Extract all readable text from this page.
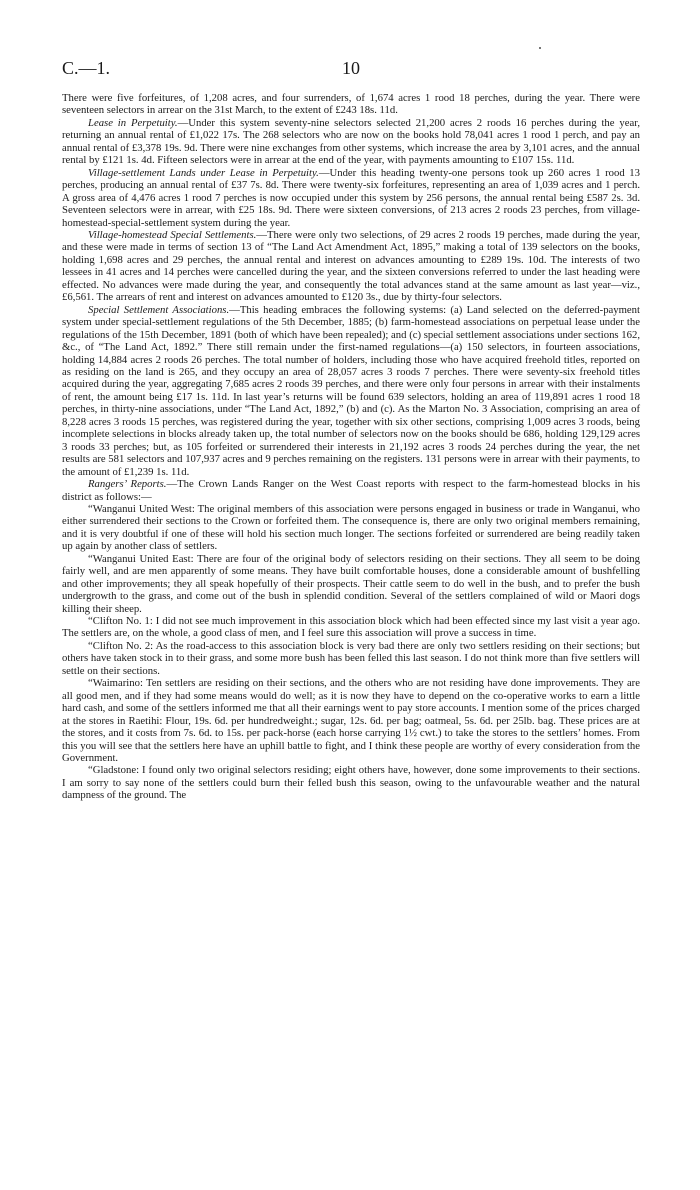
C.—1.	10

There were five forfeitures, of 1,208 acres, and four surrenders, of 1,674 acres 1 rood 18 perches, during the year. There were seventeen selectors in arrear on the 31st March, to the extent of £243 18s. 11d.

Lease in Perpetuity.—Under this system seventy-nine selectors selected 21,200 acres 2 roods 16 perches during the year, returning an annual rental of £1,022 17s. The 268 selectors who are now on the books hold 78,041 acres 1 rood 1 perch, and pay an annual rental of £3,378 19s. 9d. There were nine exchanges from other systems, which increase the area by 3,101 acres, and the annual rental by £121 1s. 4d. Fifteen selectors were in arrear at the end of the year, with payments amounting to £107 15s. 11d.

Village-settlement Lands under Lease in Perpetuity.—Under this heading twenty-one persons took up 260 acres 1 rood 13 perches, producing an annual rental of £37 7s. 8d. There were twenty-six forfeitures, representing an area of 1,039 acres and 1 perch. A gross area of 4,476 acres 1 rood 7 perches is now occupied under this system by 256 persons, the annual rental being £587 2s. 3d. Seventeen selectors were in arrear, with £25 18s. 9d. There were sixteen conversions, of 213 acres 2 roods 23 perches, from village-homestead-special-settlement system during the year.

Village-homestead Special Settlements.—There were only two selections, of 29 acres 2 roods 19 perches, made during the year, and these were made in terms of section 13 of “The Land Act Amendment Act, 1895,” making a total of 139 selectors on the books, holding 1,698 acres and 29 perches, the annual rental and interest on advances amounting to £289 19s. 10d. The interests of two lessees in 41 acres and 14 perches were cancelled during the year, and the sixteen conversions referred to under the last heading were effected. No advances were made during the year, and consequently the total advances stand at the same amount as last year—viz., £6,561. The arrears of rent and interest on advances amounted to £120 3s., due by thirty-four selectors.

Special Settlement Associations.—This heading embraces the following systems: (a) Land selected on the deferred-payment system under special-settlement regulations of the 5th December, 1885; (b) farm-homestead associations on perpetual lease under the regulations of the 15th December, 1891 (both of which have been repealed); and (c) special settlement associations under sections 162, &c., of “The Land Act, 1892.” There still remain under the first-named regulations—(a) 150 selectors, in fourteen associations, holding 14,884 acres 2 roods 26 perches. The total number of holders, including those who have acquired freehold titles, reported on as residing on the land is 265, and they occupy an area of 28,057 acres 3 roods 7 perches. There were seventy-six freehold titles acquired during the year, aggregating 7,685 acres 2 roods 39 perches, and there were only four persons in arrear with their instalments of rent, the amount being £17 1s. 11d. In last year’s returns will be found 639 selectors, holding an area of 119,891 acres 1 rood 18 perches, in thirty-nine associations, under “The Land Act, 1892,” (b) and (c). As the Marton No. 3 Association, comprising an area of 8,228 acres 3 roods 15 perches, was registered during the year, together with six other sections, comprising 1,009 acres 3 roods, being incomplete selections in blocks already taken up, the total number of selectors now on the books should be 686, holding 129,129 acres 3 roods 33 perches; but, as 105 forfeited or surrendered their interests in 21,192 acres 3 roods 24 perches during the year, the net results are 581 selectors and 107,937 acres and 9 perches remaining on the registers. 131 persons were in arrear with their payments, to the amount of £1,239 1s. 11d.

Rangers’ Reports.—The Crown Lands Ranger on the West Coast reports with respect to the farm-homestead blocks in his district as follows:—

“Wanganui United West: The original members of this association were persons engaged in business or trade in Wanganui, who either surrendered their sections to the Crown or forfeited them. The consequence is, there are only two original members remaining, and it is very doubtful if one of these will hold his section much longer. The sections forfeited or surrendered are being readily taken up again by another class of settlers.

“Wanganui United East: There are four of the original body of selectors residing on their sections. They all seem to be doing fairly well, and are men apparently of some means. They have built comfortable houses, done a considerable amount of bushfelling and other improvements; they all speak hopefully of their prospects. Their cattle seem to do well in the bush, and to prefer the bush undergrowth to the grass, and come out of the bush in splendid condition. Several of the settlers complained of wild or Maori dogs killing their sheep.

“Clifton No. 1: I did not see much improvement in this association block which had been effected since my last visit a year ago. The settlers are, on the whole, a good class of men, and I feel sure this association will prove a success in time.

“Clifton No. 2: As the road-access to this association block is very bad there are only two settlers residing on their sections; but others have taken stock in to their grass, and some more bush has been felled this last season. I do not think more than five settlers will settle on their sections.

“Waimarino: Ten settlers are residing on their sections, and the others who are not residing have done improvements. They are all good men, and if they had some means would do well; as it is now they have to depend on the co-operative works to earn a little hard cash, and some of the settlers informed me that all their earnings went to pay store accounts. I mention some of the prices charged at the stores in Raetihi: Flour, 19s. 6d. per hundredweight.; sugar, 12s. 6d. per bag; oatmeal, 5s. 6d. per 25lb. bag. These prices are at the stores, and it costs from 7s. 6d. to 15s. per pack-horse (each horse carrying 1½ cwt.) to take the stores to the settlers’ homes. From this you will see that the settlers here have an uphill battle to fight, and I think these people are worthy of every consideration from the Government.

“Gladstone: I found only two original selectors residing; eight others have, however, done some improvements to their sections. I am sorry to say none of the settlers could burn their felled bush this season, owing to the unfavourable weather and the natural dampness of the ground. The
